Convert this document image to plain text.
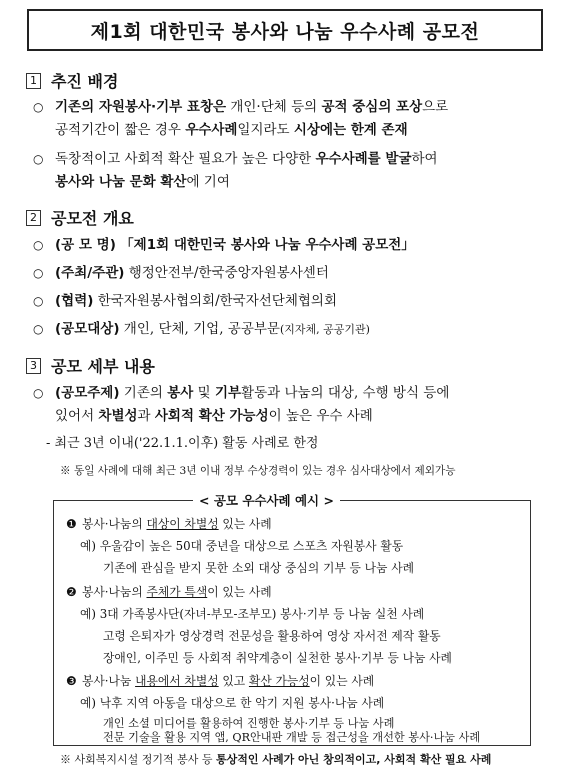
제1회 대한민국 봉사와 나눔 우수사례 공모전
1 추진 배경
○ 기존의 자원봉사·기부 표창은 개인·단체 등의 공적 중심의 포상으로
공적기간이 짧은 경우 우수사례일지라도 시상에는 한계 존재
○ 독창적이고 사회적 확산 필요가 높은 다양한 우수사례를 발굴하여
봉사와 나눔 문화 확산에 기여
2 공모전 개요
○ (공 모 명) 「제1회 대한민국 봉사와 나눔 우수사례 공모전」
○ (주최/주관) 행정안전부/한국중앙자원봉사센터
○ (협력) 한국자원봉사협의회/한국자선단체협의회
○ (공모대상) 개인, 단체, 기업, 공공부문(지자체, 공공기관)
3 공모 세부 내용
○ (공모주제) 기존의 봉사 및 기부활동과 나눔의 대상, 수행 방식 등에
있어서 차별성과 사회적 확산 가능성이 높은 우수 사례
- 최근 3년 이내('22.1.1.이후) 활동 사례로 한정
※ 동일 사례에 대해 최근 3년 이내 정부 수상경력이 있는 경우 심사대상에서 제외가능
< 공모 우수사례 예시 >
❶ 봉사·나눔의 대상이 차별성 있는 사례
예) 우울감이 높은 50대 중년을 대상으로 스포츠 자원봉사 활동
기존에 관심을 받지 못한 소외 대상 중심의 기부 등 나눔 사례
❷ 봉사·나눔의 주체가 특색이 있는 사례
예) 3대 가족봉사단(자녀-부모-조부모) 봉사·기부 등 나눔 실천 사례
고령 은퇴자가 영상경력 전문성을 활용하여 영상 자서전 제작 활동
장애인, 이주민 등 사회적 취약계층이 실천한 봉사·기부 등 나눔 사례
❸ 봉사·나눔 내용에서 차별성 있고 확산 가능성이 있는 사례
예) 낙후 지역 아동을 대상으로 한 악기 지원 봉사·나눔 사례
개인 소셜 미디어를 활용하여 진행한 봉사·기부 등 나눔 사례
전문 기술을 활용 지역 앱, QR안내판 개발 등 접근성을 개선한 봉사·나눔 사례
※ 사회복지시설 정기적 봉사 등 통상적인 사례가 아닌 창의적이고, 사회적 확산 필요 사례
